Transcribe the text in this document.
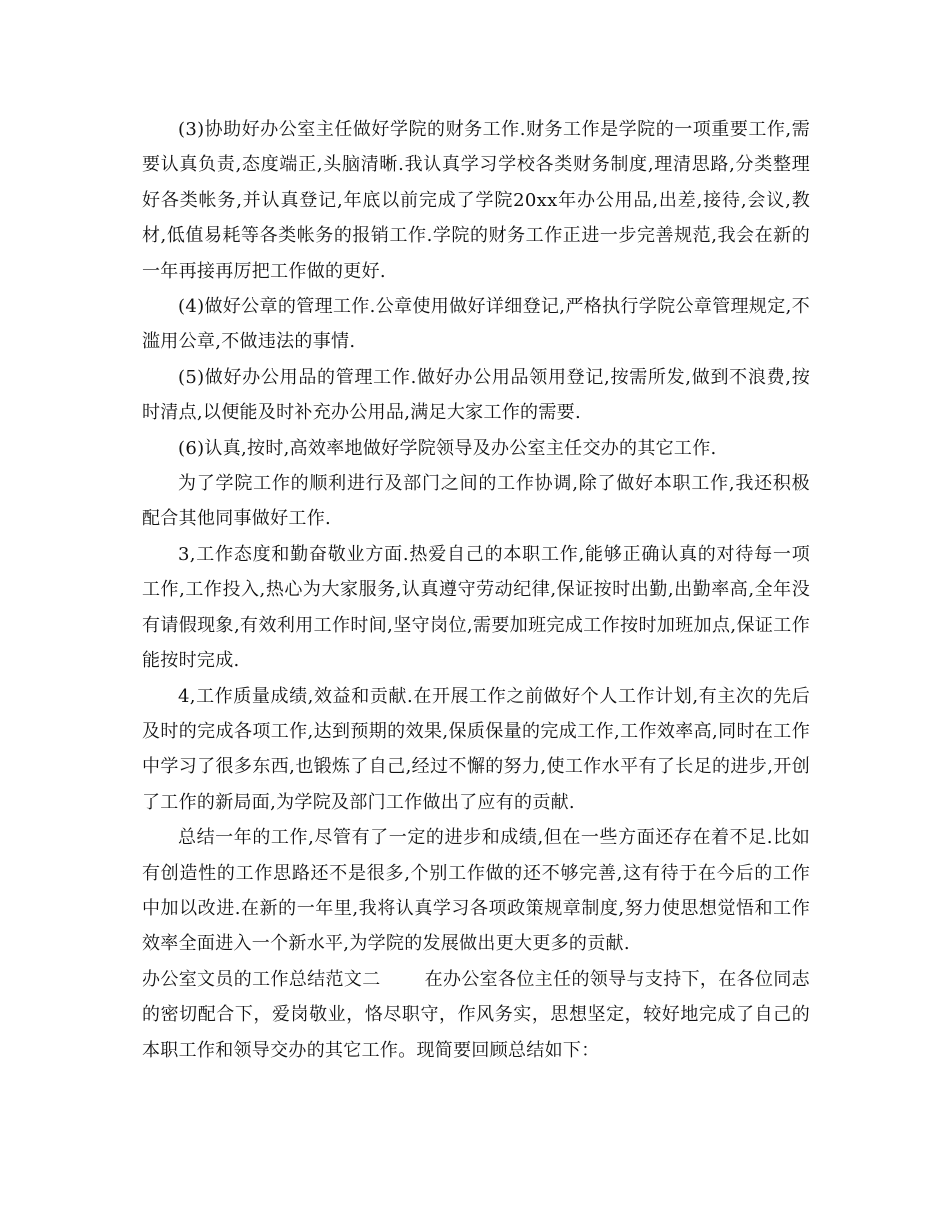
(3)协助好办公室主任做好学院的财务工作.财务工作是学院的一项重要工作,需要认真负责,态度端正,头脑清晰.我认真学习学校各类财务制度,理清思路,分类整理好各类帐务,并认真登记,年底以前完成了学院20xx年办公用品,出差,接待,会议,教材,低值易耗等各类帐务的报销工作.学院的财务工作正进一步完善规范,我会在新的一年再接再厉把工作做的更好.

(4)做好公章的管理工作.公章使用做好详细登记,严格执行学院公章管理规定,不滥用公章,不做违法的事情.

(5)做好办公用品的管理工作.做好办公用品领用登记,按需所发,做到不浪费,按时清点,以便能及时补充办公用品,满足大家工作的需要.

(6)认真,按时,高效率地做好学院领导及办公室主任交办的其它工作.

为了学院工作的顺利进行及部门之间的工作协调,除了做好本职工作,我还积极配合其他同事做好工作.

3,工作态度和勤奋敬业方面.热爱自己的本职工作,能够正确认真的对待每一项工作,工作投入,热心为大家服务,认真遵守劳动纪律,保证按时出勤,出勤率高,全年没有请假现象,有效利用工作时间,坚守岗位,需要加班完成工作按时加班加点,保证工作能按时完成.

4,工作质量成绩,效益和贡献.在开展工作之前做好个人工作计划,有主次的先后及时的完成各项工作,达到预期的效果,保质保量的完成工作,工作效率高,同时在工作中学习了很多东西,也锻炼了自己,经过不懈的努力,使工作水平有了长足的进步,开创了工作的新局面,为学院及部门工作做出了应有的贡献.

总结一年的工作,尽管有了一定的进步和成绩,但在一些方面还存在着不足.比如有创造性的工作思路还不是很多,个别工作做的还不够完善,这有待于在今后的工作中加以改进.在新的一年里,我将认真学习各项政策规章制度,努力使思想觉悟和工作效率全面进入一个新水平,为学院的发展做出更大更多的贡献.

办公室文员的工作总结范文二 在办公室各位主任的领导与支持下，在各位同志的密切配合下，爱岗敬业，恪尽职守，作风务实，思想坚定，较好地完成了自己的本职工作和领导交办的其它工作。现简要回顾总结如下：
